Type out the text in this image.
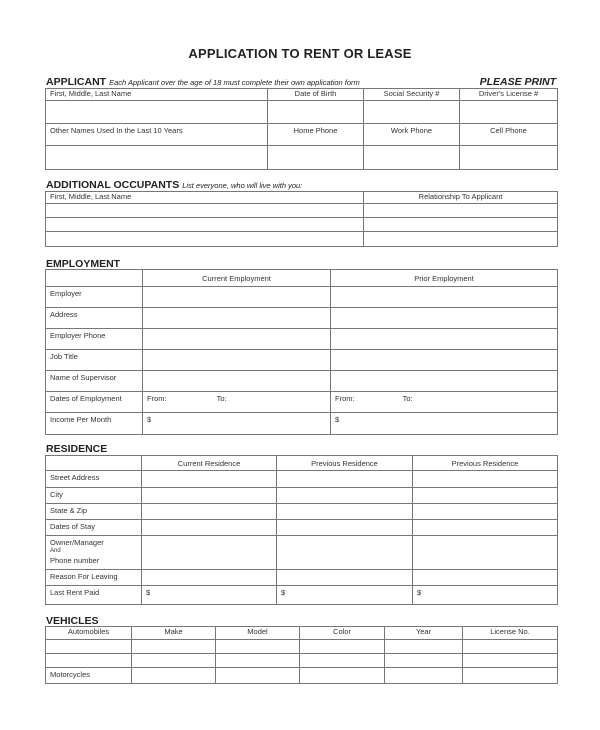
APPLICATION TO RENT OR LEASE
APPLICANT Each Applicant over the age of 18 must complete their own application form	PLEASE PRINT
First, Middle, Last Name	Date of Birth	Social Security #	Driver's License #

Other Names Used In the Last 10 Years	Home Phone	Work Phone	Cell Phone

ADDITIONAL OCCUPANTS List everyone, who will live with you:
First, Middle, Last Name	Relationship To Applicant

EMPLOYMENT
	Current Employment	Prior Employment

Employer		

Address		

Employer Phone		

Job Title		

Name of Supervisor		

Dates of Employment	From: To:	From: To:

Income Per Month	$	$
RESIDENCE
	Current Residence	Previous Residence	Previous Residence

Street Address			

City			

State & Zip			

Dates of Stay			

Owner/Manager
And
Phone number			

Reason For Leaving			

Last Rent Paid	$	$	$
VEHICLES
Automobiles	Make	Model	Color	Year	License No.

Motorcycles					
